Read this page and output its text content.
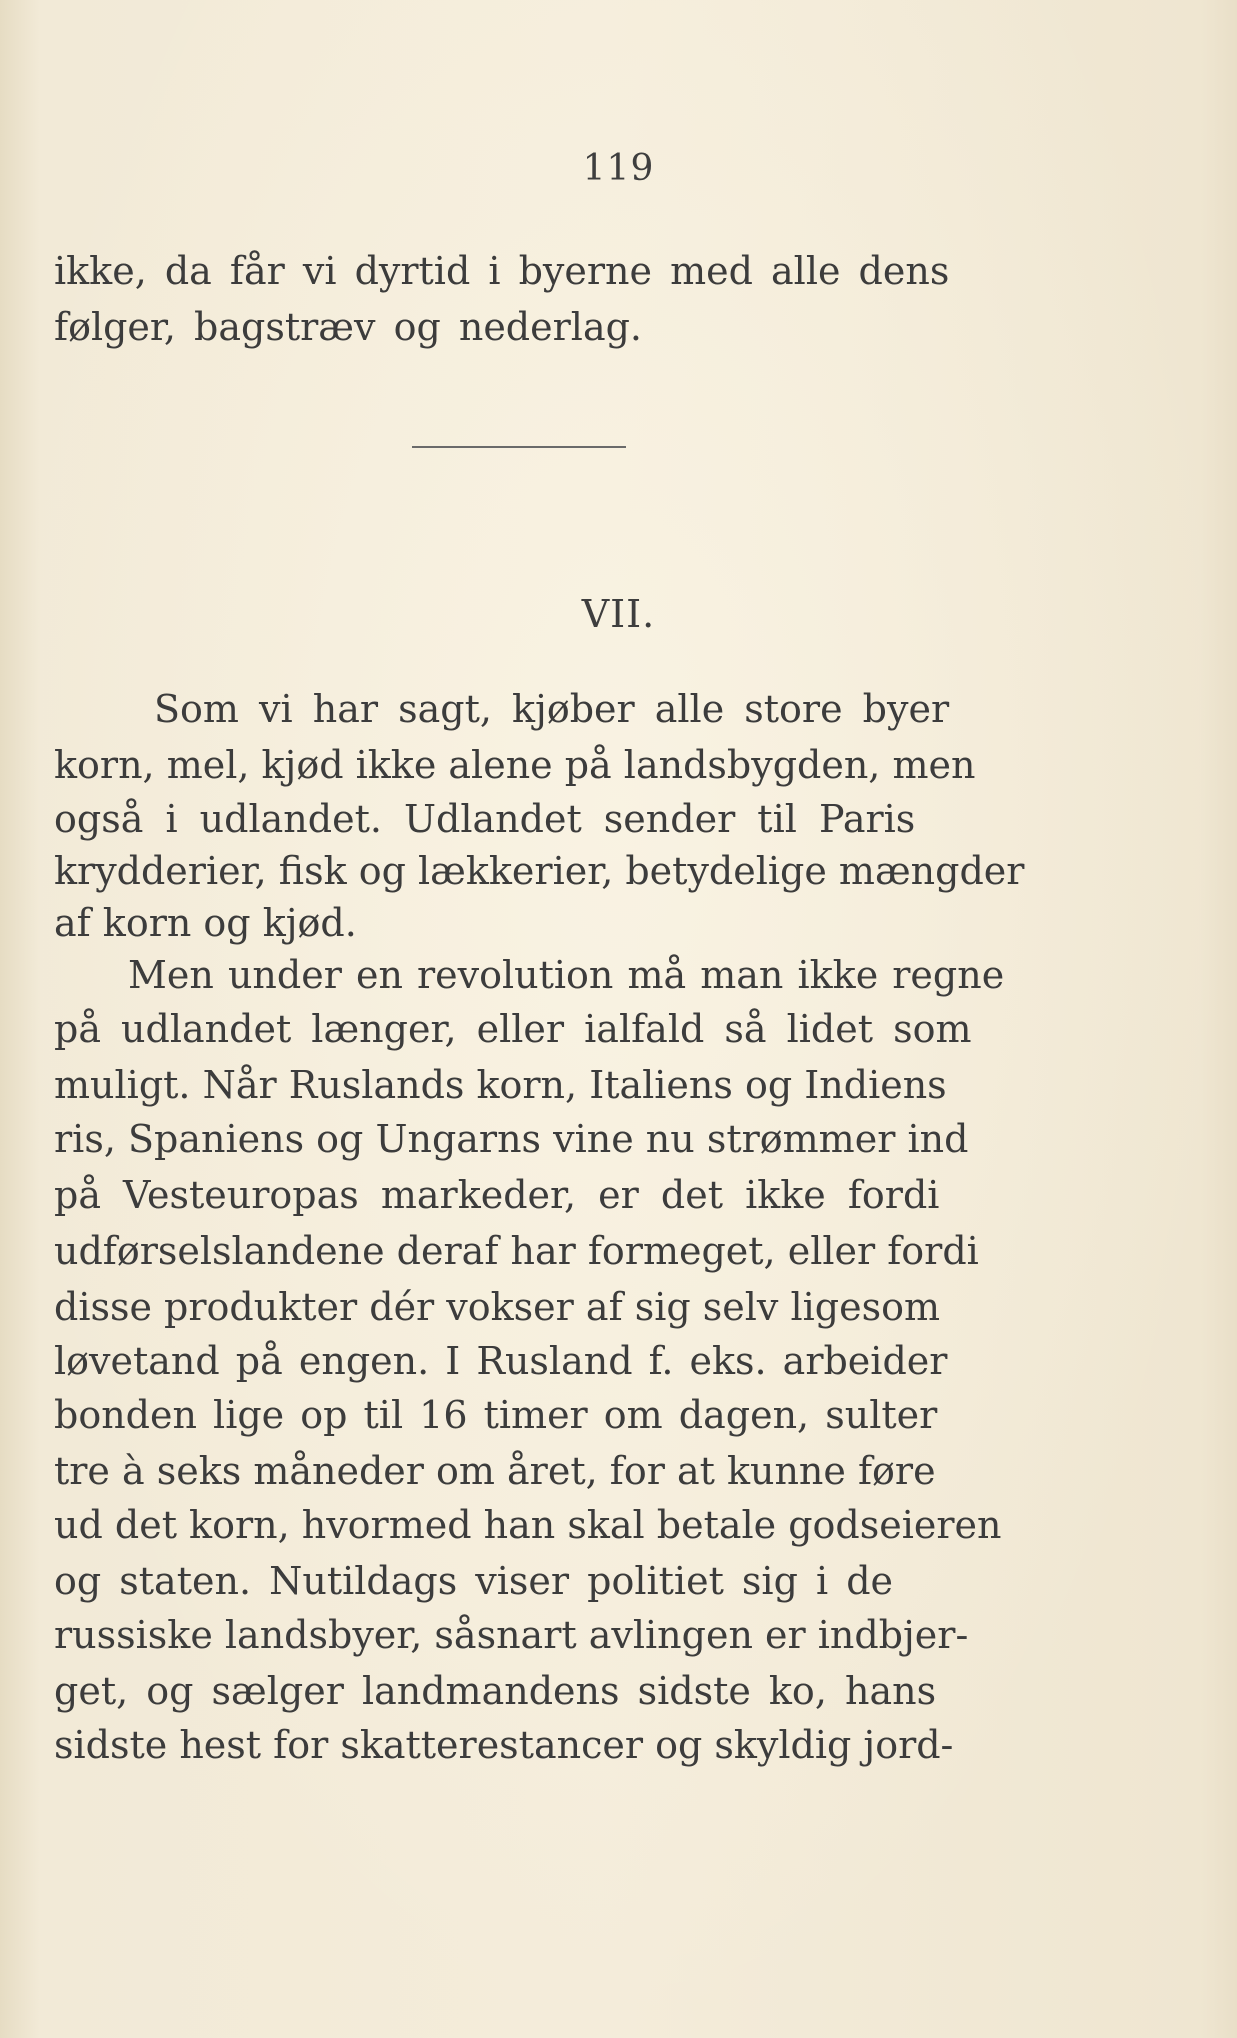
119
ikke, da får vi dyrtid i byerne med alle dens
følger, bagstræv og nederlag.
VII.
Som vi har sagt, kjøber alle store byer
korn, mel, kjød ikke alene på landsbygden, men
også i udlandet. Udlandet sender til Paris
krydderier, fisk og lækkerier, betydelige mængder
af korn og kjød.
Men under en revolution må man ikke regne
på udlandet længer, eller ialfald så lidet som
muligt. Når Ruslands korn, Italiens og Indiens
ris, Spaniens og Ungarns vine nu strømmer ind
på Vesteuropas markeder, er det ikke fordi
udførselslandene deraf har formeget, eller fordi
disse produkter dér vokser af sig selv ligesom
løvetand på engen. I Rusland f. eks. arbeider
bonden lige op til 16 timer om dagen, sulter
tre à seks måneder om året, for at kunne føre
ud det korn, hvormed han skal betale godseieren
og staten. Nutildags viser politiet sig i de
russiske landsbyer, såsnart avlingen er indbjer-
get, og sælger landmandens sidste ko, hans
sidste hest for skatterestancer og skyldig jord-
